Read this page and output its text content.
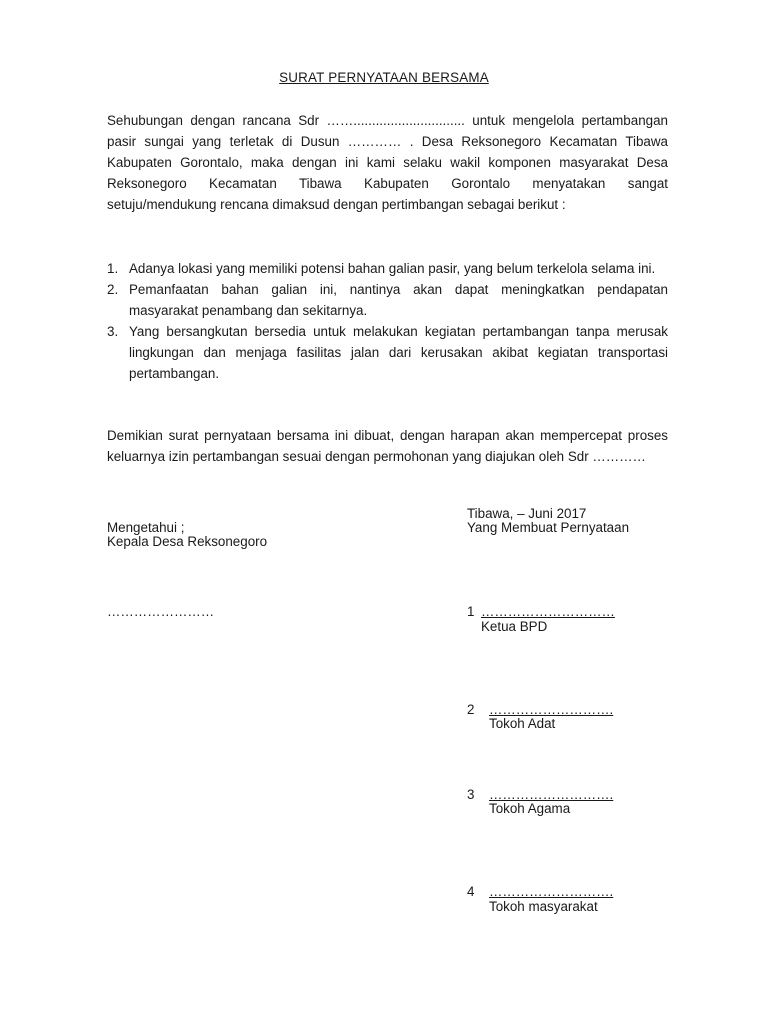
SURAT PERNYATAAN BERSAMA
Sehubungan dengan rancana Sdr …….............................. untuk mengelola pertambangan pasir sungai yang terletak di Dusun ………… . Desa Reksonegoro Kecamatan Tibawa Kabupaten Gorontalo, maka dengan ini kami selaku wakil komponen masyarakat Desa Reksonegoro Kecamatan Tibawa Kabupaten Gorontalo menyatakan sangat setuju/mendukung rencana dimaksud dengan pertimbangan sebagai berikut :
1. Adanya lokasi yang memiliki potensi bahan galian pasir, yang belum terkelola selama ini.
2. Pemanfaatan bahan galian ini, nantinya akan dapat meningkatkan pendapatan masyarakat penambang dan sekitarnya.
3. Yang bersangkutan bersedia untuk melakukan kegiatan pertambangan tanpa merusak lingkungan dan menjaga fasilitas jalan dari kerusakan akibat kegiatan transportasi pertambangan.
Demikian surat pernyataan bersama ini dibuat, dengan harapan akan mempercepat proses keluarnya izin pertambangan sesuai dengan permohonan yang diajukan oleh Sdr …………
Tibawa, – Juni 2017
Yang Membuat Pernyataan
Mengetahui ;
Kepala Desa Reksonegoro
……………………	1 …………………………
Ketua BPD
2 ……………………….
Tokoh Adat
3 ……………………….
Tokoh Agama
4 ……………………….
Tokoh masyarakat
